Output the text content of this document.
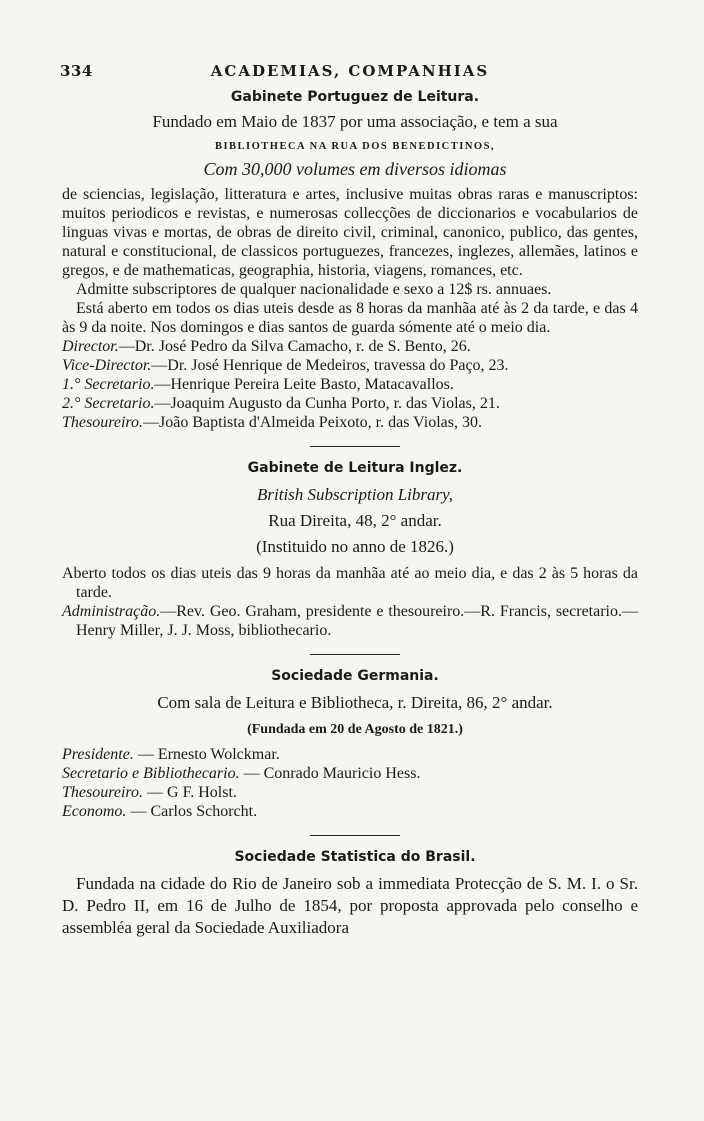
334	ACADEMIAS, COMPANHIAS
Gabinete Portuguez de Leitura.
Fundado em Maio de 1837 por uma associação, e tem a sua
BIBLIOTHECA NA RUA DOS BENEDICTINOS,
Com 30,000 volumes em diversos idiomas

de sciencias, legislação, litteratura e artes, inclusive muitas obras raras e manuscriptos: muitos periodicos e revistas, e numerosas collecções de diccionarios e vocabularios de linguas vivas e mortas, de obras de direito civil, criminal, canonico, publico, das gentes, natural e constitucional, de classicos portuguezes, francezes, inglezes, allemães, latinos e gregos, e de mathematicas, geographia, historia, viagens, romances, etc.

Admitte subscriptores de qualquer nacionalidade e sexo a 12$ rs. annuaes.

Está aberto em todos os dias uteis desde as 8 horas da manhãa até às 2 da tarde, e das 4 às 9 da noite. Nos domingos e dias santos de guarda sómente até o meio dia.

Director.—Dr. José Pedro da Silva Camacho, r. de S. Bento, 26.
Vice-Director.—Dr. José Henrique de Medeiros, travessa do Paço, 23.
1.° Secretario.—Henrique Pereira Leite Basto, Matacavallos.
2.° Secretario.—Joaquim Augusto da Cunha Porto, r. das Violas, 21.
Thesoureiro.—João Baptista d'Almeida Peixoto, r. das Violas, 30.
Gabinete de Leitura Inglez.
British Subscription Library,
Rua Direita, 48, 2° andar.
(Instituido no anno de 1826.)

Aberto todos os dias uteis das 9 horas da manhãa até ao meio dia, e das 2 às 5 horas da tarde.

Administração.—Rev. Geo. Graham, presidente e thesoureiro.—R. Francis, secretario.—Henry Miller, J. J. Moss, bibliothecario.

Sociedade Germania.
Com sala de Leitura e Bibliotheca, r. Direita, 86, 2° andar.
(Fundada em 20 de Agosto de 1821.)
Presidente. — Ernesto Wolckmar.
Secretario e Bibliothecario. — Conrado Mauricio Hess.
Thesoureiro. — G F. Holst.
Economo. — Carlos Schorcht.
Sociedade Statistica do Brasil.

Fundada na cidade do Rio de Janeiro sob a immediata Protecção de S. M. I. o Sr. D. Pedro II, em 16 de Julho de 1854, por proposta approvada pelo conselho e assembléa geral da Sociedade Auxiliadora
